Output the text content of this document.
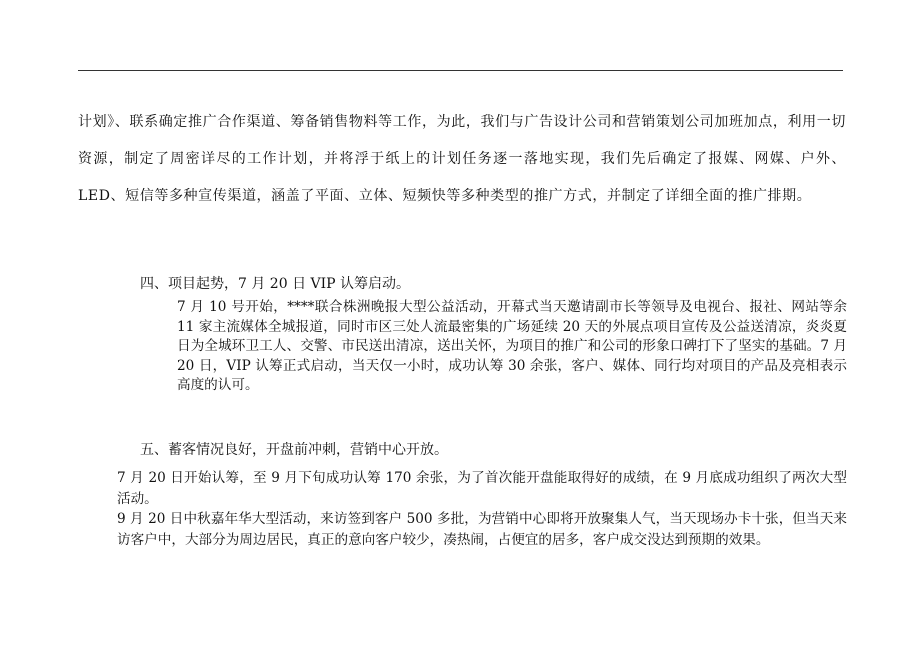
计划》、联系确定推广合作渠道、筹备销售物料等工作，为此，我们与广告设计公司和营销策划公司加班加点，利用一切资源，制定了周密详尽的工作计划，并将浮于纸上的计划任务逐一落地实现，我们先后确定了报媒、网媒、户外、LED、短信等多种宣传渠道，涵盖了平面、立体、短频快等多种类型的推广方式，并制定了详细全面的推广排期。

四、项目起势，7 月 20 日 VIP 认筹启动。

7 月 10 号开始，****联合株洲晚报大型公益活动，开幕式当天邀请副市长等领导及电视台、报社、网站等余 11 家主流媒体全城报道，同时市区三处人流最密集的广场延续 20 天的外展点项目宣传及公益送清凉，炎炎夏日为全城环卫工人、交警、市民送出清凉，送出关怀，为项目的推广和公司的形象口碑打下了坚实的基础。7 月 20 日，VIP 认筹正式启动，当天仅一小时，成功认筹 30 余张，客户、媒体、同行均对项目的产品及亮相表示高度的认可。

五、蓄客情况良好，开盘前冲刺，营销中心开放。

7 月 20 日开始认筹，至 9 月下旬成功认筹 170 余张，为了首次能开盘能取得好的成绩，在 9 月底成功组织了两次大型活动。

9 月 20 日中秋嘉年华大型活动，来访签到客户 500 多批，为营销中心即将开放聚集人气，当天现场办卡十张，但当天来访客户中，大部分为周边居民，真正的意向客户较少，凑热闹，占便宜的居多，客户成交没达到预期的效果。
